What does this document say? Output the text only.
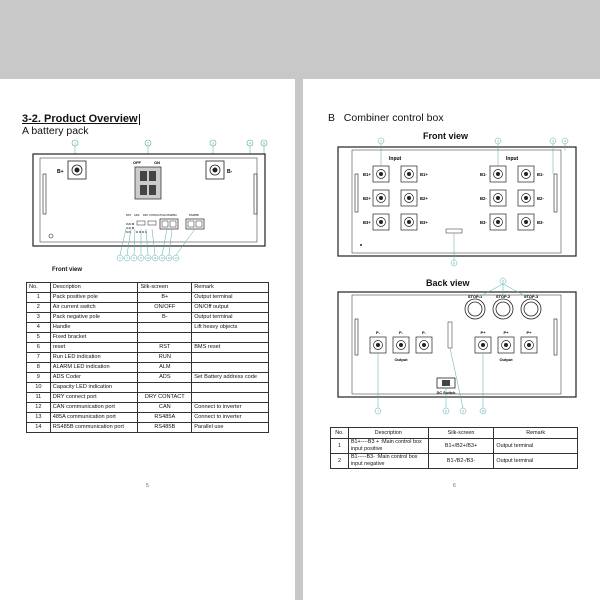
3-2. Product Overview
A battery pack
1	2	3	4	5
B+
OFF	ON
B-
RST ADS DRY CONTACT CAN RS485A	RS485B
RUN
ALM
SOC
6 7 8 9 10 11 12 13 14
Front view
No.	Description	Silk-screen	Remark
1	Pack positive pole	B+	Output terminal
2	Air current switch	ON/OFF	ON/Off output
3	Pack negative pole	B-	Output terminal
4	Handle		Lift heavy objects
5	Fixed bracket		
6	reset	RST	BMS reset
7	Run LED indication	RUN	
8	ALARM LED indication	ALM	
9	ADS Coder	ADS	Set Battery address code
10	Capacity LED indication		
11	DRY connect port	DRY CONTACT	
12	CAN communication port	CAN	Connect to inverter
13	485A communication port	RS485A	Connect to inverter
14	RS485B communication port	RS485B	Parallel use
5
B Combiner control box
Front view
Input	Input
B1+	B1+
B2+	B2+
B3+	B3+
B1-	B1-
B2-	B2-
B3-	B3-
1	2	3	4
5
STOP-1	STOP-2	STOP-3
P-	P-	P-	P+	P+	P+
Output	Output
DC Switch
6
7	8	9	10
Back view
No.	Description	Silk-screen	Remark
1	B1+----B3 + :Main control box input positive	B1+/B2+/B3+	Output terminal
2	B1-----B3- :Main control box input negative	B1-/B2-/B3-	Output terminal
6
